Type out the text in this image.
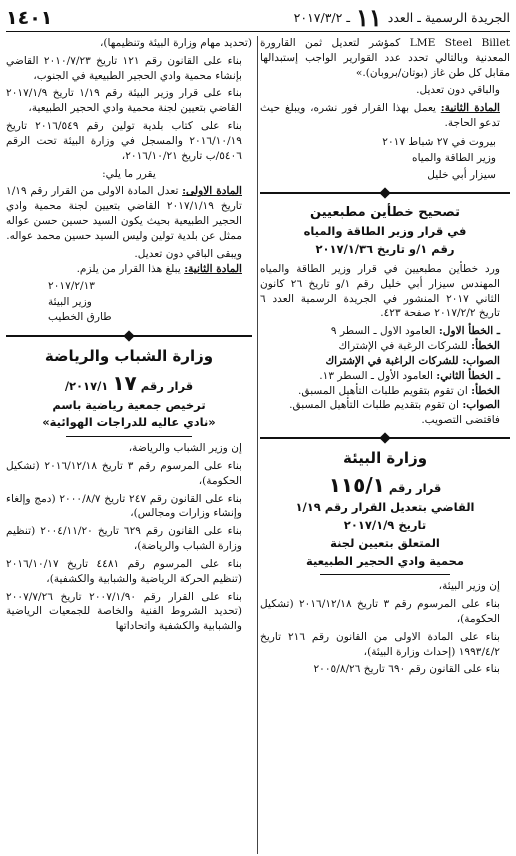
الجريدة الرسمية ـ العدد
١١
ـ ٢٠١٧/٣/٢
١٤٠١
LME Steel Billet كمؤشر لتعديل ثمن القارورة المعدنية وبالتالي تحدد عدد القوارير الواجب إستبدالها مقابل كل طن غاز (بوتان/بروبان).»
والباقي دون تعديل.
المادة الثانية: يعمل بهذا القرار فور نشره، ويبلغ حيث تدعو الحاجة.
بيروت في ٢٧ شباط ٢٠١٧
وزير الطاقة والمياه
سيزار أبي خليل
تصحيح خطأين مطبعيين
في قرار وزير الطاقة والمياه
رقم ١/و تاريخ ٢٠١٧/١/٣٦
ورد خطأين مطبعيين في قرار وزير الطاقة والمياه المهندس سيزار أبي خليل رقم ١/و تاريخ ٢٦ كانون الثاني ٢٠١٧ المنشور في الجريدة الرسمية العدد ٦ تاريخ ٢٠١٧/٢/٢ صفحة ٤٢٣.
ـ الخطأ الاول: العامود الاول ـ السطر ٩
الخطأ: للشركات الرغبة في الإشتراك
الصواب: للشركات الراغبة في الإشتراك
ـ الخطأ الثاني: العامود الأول ـ السطر ١٣.
الخطأ: ان تقوم بتقويم طلبات التأهيل المسبق.
الصواب: ان تقوم بتقديم طلبات التأهيل المسبق.
فاقتضى التصويب.
وزارة البيئة
قرار رقم ١١٥/١
القاضي بتعديل القرار رقم ١/١٩
تاريخ ٢٠١٧/١/٩
المتعلق بتعيين لجنة
محمية وادي الحجير الطبيعية
إن وزير البيئة،
بناء على المرسوم رقم ٣ تاريخ ٢٠١٦/١٢/١٨ (تشكيل الحكومة)،
بناء على المادة الاولى من القانون رقم ٢١٦ تاريخ ١٩٩٣/٤/٢ (إحداث وزارة البيئة)،
بناء على القانون رقم ٦٩٠ تاريخ ٢٠٠٥/٨/٢٦
(تحديد مهام وزارة البيئة وتنظيمها)،
بناء على القانون رقم ١٢١ تاريخ ٢٠١٠/٧/٢٣ القاضي بإنشاء محمية وادي الحجير الطبيعية في الجنوب،
بناء على قرار وزير البيئة رقم ١/١٩ تاريخ ٢٠١٧/١/٩ القاضي بتعيين لجنة محمية وادي الحجير الطبيعية،
بناء على كتاب بلدية تولين رقم ٢٠١٦/٥٤٩ تاريخ ٢٠١٦/١٠/١٩ والمسجل في وزارة البيئة تحت الرقم ٥٤٠٦/ب تاريخ ٢٠١٦/١٠/٢١،
يقرر ما يلي:
المادة الاولى: تعدل المادة الاولى من القرار رقم ١/١٩ تاريخ ٢٠١٧/١/١٩ القاضي بتعيين لجنة محمية وادي الحجير الطبيعية بحيث يكون السيد حسين حسن عواله ممثل عن بلدية تولين وليس السيد حسين محمد عواله.
ويبقى الباقي دون تعديل.
المادة الثانية: يبلغ هذا القرار من يلزم.
٢٠١٧/٢/١٣
وزير البيئة
طارق الخطيب
وزارة الشباب والرياضة
قرار رقم ١٧ ٢٠١٧/١/
ترخيص جمعية رياضية باسم
«نادي عاليه للدراجات الهوائية»
إن وزير الشباب والرياضة،
بناء على المرسوم رقم ٣ تاريخ ٢٠١٦/١٢/١٨ (تشكيل الحكومة)،
بناء على القانون رقم ٢٤٧ تاريخ ٢٠٠٠/٨/٧ (دمج وإلغاء وإنشاء وزارات ومجالس)،
بناء على القانون رقم ٦٢٩ تاريخ ٢٠٠٤/١١/٢٠ (تنظيم وزارة الشباب والرياضة)،
بناء على المرسوم رقم ٤٤٨١ تاريخ ٢٠١٦/١٠/١٧ (تنظيم الحركة الرياضية والشبابية والكشفية)،
بناء على القرار رقم ٢٠٠٧/١/٩٠ تاريخ ٢٠٠٧/٧/٢٦ (تحديد الشروط الفنية والخاصة للجمعيات الرياضية والشبابية والكشفية واتحاداتها
